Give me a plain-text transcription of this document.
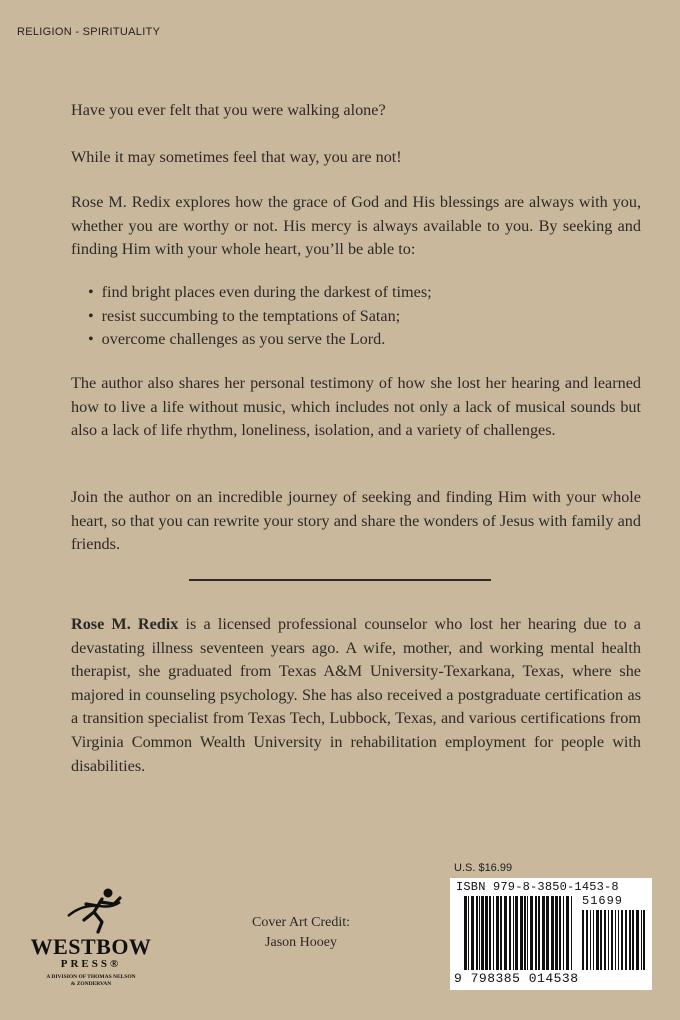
RELIGION - SPIRITUALITY

Have you ever felt that you were walking alone?

While it may sometimes feel that way, you are not!

Rose M. Redix explores how the grace of God and His blessings are always with you, whether you are worthy or not. His mercy is always available to you. By seeking and finding Him with your whole heart, you’ll be able to:

• find bright places even during the darkest of times;
• resist succumbing to the temptations of Satan;
• overcome challenges as you serve the Lord.

The author also shares her personal testimony of how she lost her hearing and learned how to live a life without music, which includes not only a lack of musical sounds but also a lack of life rhythm, loneliness, isolation, and a variety of challenges.

Join the author on an incredible journey of seeking and finding Him with your whole heart, so that you can rewrite your story and share the wonders of Jesus with family and friends.

Rose M. Redix is a licensed professional counselor who lost her hearing due to a devastating illness seventeen years ago. A wife, mother, and working mental health therapist, she graduated from Texas A&M University-Texarkana, Texas, where she majored in counseling psychology. She has also received a postgraduate certification as a transition specialist from Texas Tech, Lubbock, Texas, and various certifications from Virginia Common Wealth University in rehabilitation employment for people with disabilities.

Cover Art Credit:
Jason Hooey
WESTBOW
PRESS®
A DIVISION OF THOMAS NELSON
& ZONDERVAN
U.S. $16.99
ISBN 979-8-3850-1453-8
51699
9 798385 014538
